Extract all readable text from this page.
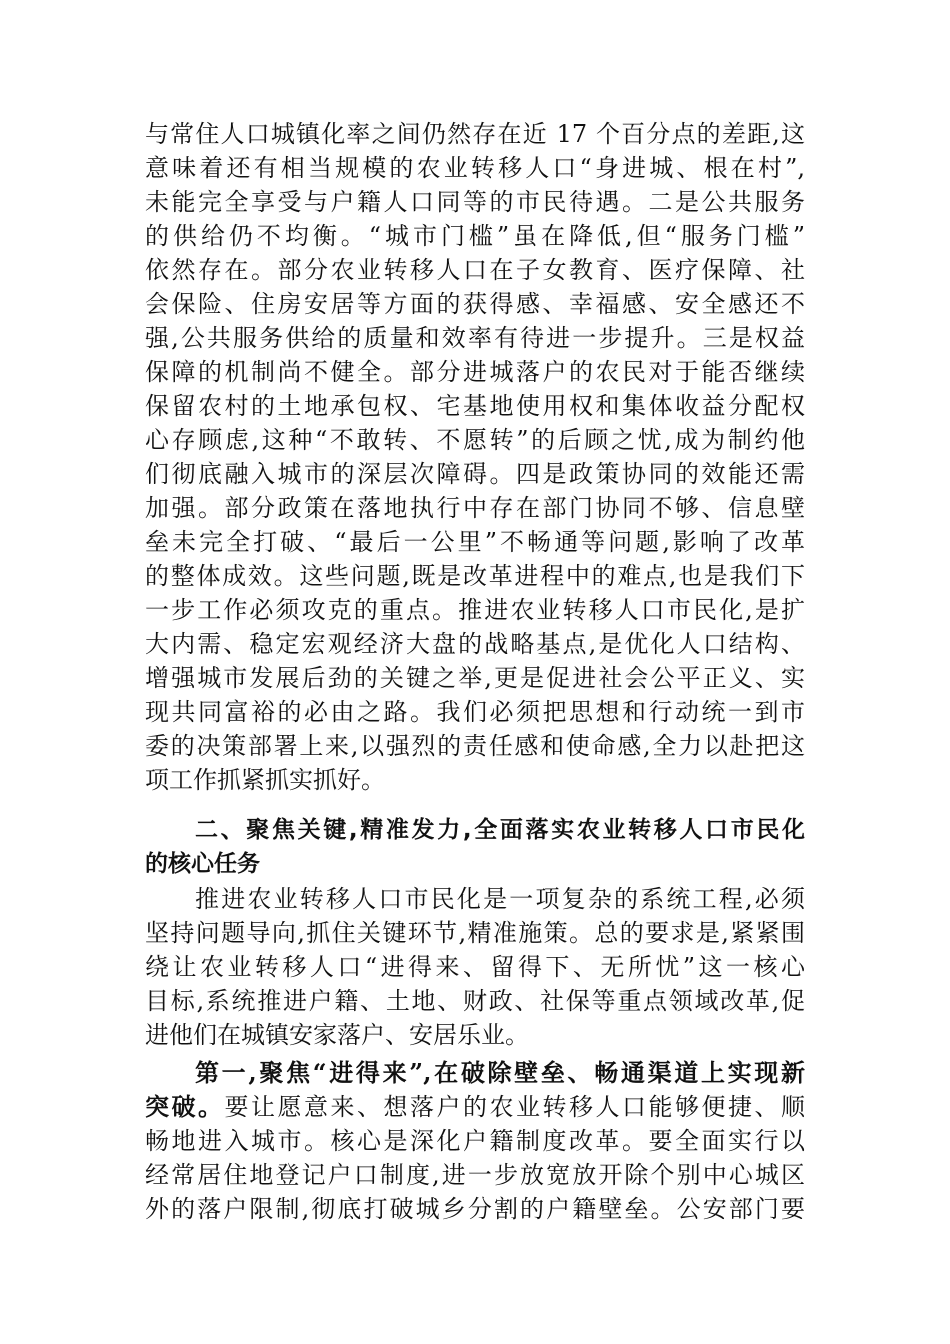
与常住人口城镇化率之间仍然存在近 17 个百分点的差距,这
意味着还有相当规模的农业转移人口“身进城、根在村”,
未能完全享受与户籍人口同等的市民待遇。二是公共服务
的供给仍不均衡。“城市门槛”虽在降低,但“服务门槛”
依然存在。部分农业转移人口在子女教育、医疗保障、社
会保险、住房安居等方面的获得感、幸福感、安全感还不
强,公共服务供给的质量和效率有待进一步提升。三是权益
保障的机制尚不健全。部分进城落户的农民对于能否继续
保留农村的土地承包权、宅基地使用权和集体收益分配权
心存顾虑,这种“不敢转、不愿转”的后顾之忧,成为制约他
们彻底融入城市的深层次障碍。四是政策协同的效能还需
加强。部分政策在落地执行中存在部门协同不够、信息壁
垒未完全打破、“最后一公里”不畅通等问题,影响了改革
的整体成效。这些问题,既是改革进程中的难点,也是我们下
一步工作必须攻克的重点。推进农业转移人口市民化,是扩
大内需、稳定宏观经济大盘的战略基点,是优化人口结构、
增强城市发展后劲的关键之举,更是促进社会公平正义、实
现共同富裕的必由之路。我们必须把思想和行动统一到市
委的决策部署上来,以强烈的责任感和使命感,全力以赴把这
项工作抓紧抓实抓好。
二、聚焦关键,精准发力,全面落实农业转移人口市民化
的核心任务
推进农业转移人口市民化是一项复杂的系统工程,必须
坚持问题导向,抓住关键环节,精准施策。总的要求是,紧紧围
绕让农业转移人口“进得来、留得下、无所忧”这一核心
目标,系统推进户籍、土地、财政、社保等重点领域改革,促
进他们在城镇安家落户、安居乐业。
第一,聚焦“进得来”,在破除壁垒、畅通渠道上实现新
突破。要让愿意来、想落户的农业转移人口能够便捷、顺
畅地进入城市。核心是深化户籍制度改革。要全面实行以
经常居住地登记户口制度,进一步放宽放开除个别中心城区
外的落户限制,彻底打破城乡分割的户籍壁垒。公安部门要
